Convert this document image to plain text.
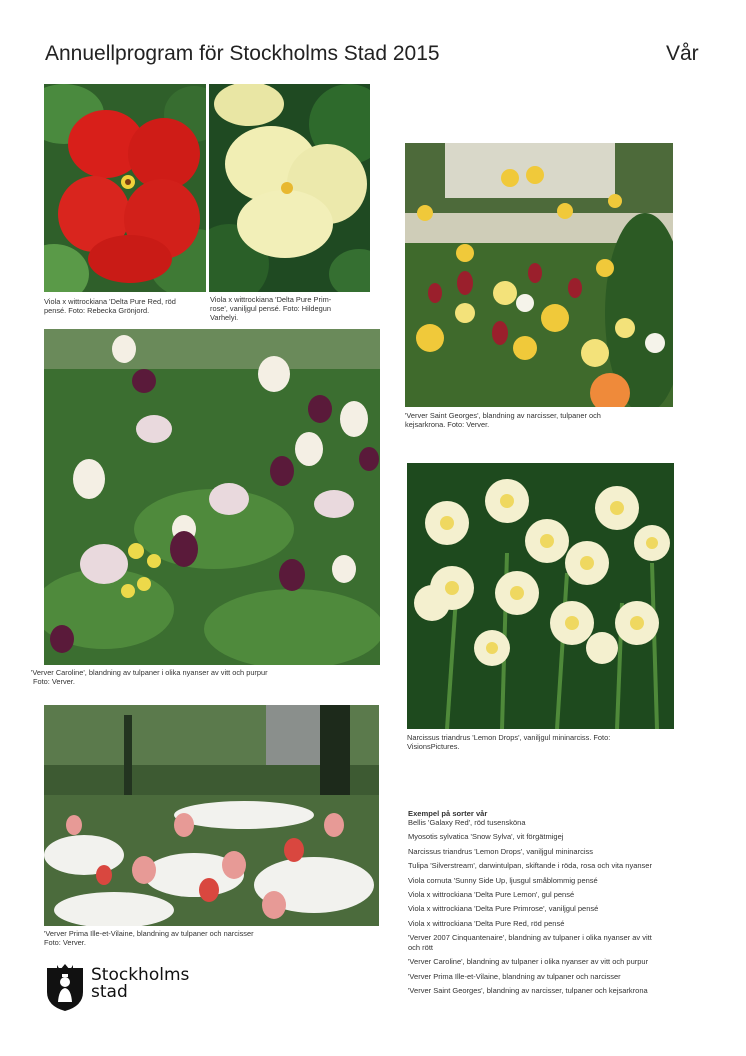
Annuellprogram för Stockholms Stad 2015	Vår
Viola x wittrockiana 'Delta Pure Red, röd
pensé. Foto: Rebecka Grönjord.
Viola x wittrockiana 'Delta Pure Prim-
rose', vaniljgul pensé. Foto: Hildegun
Varhelyi.
'Verver Caroline', blandning av tulpaner i olika nyanser av vitt och purpur
Foto: Verver.
'Verver Prima Ille-et-Vilaine, blandning av tulpaner och narcisser
Foto: Verver.
'Verver Saint Georges', blandning av narcisser, tulpaner och
kejsarkrona. Foto: Verver.
Narcissus triandrus 'Lemon Drops', vaniljgul mininarciss. Foto:
VisionsPictures.
Exempel på sorter vår
Bellis 'Galaxy Red', röd tusensköna
Myosotis sylvatica 'Snow Sylva', vit förgätmigej
Narcissus triandrus 'Lemon Drops', vaniljgul mininarciss
Tulipa 'Silverstream', darwintulpan, skiftande i röda, rosa och vita nyanser
Viola cornuta 'Sunny Side Up, ljusgul småblommig pensé
Viola x wittrockiana 'Delta Pure Lemon', gul pensé
Viola x wittrockiana 'Delta Pure Primrose', vaniljgul pensé
Viola x wittrockiana 'Delta Pure Red, röd pensé
'Verver 2007 Cinquantenaire', blandning av tulpaner i olika nyanser av vitt
och rött
'Verver Caroline', blandning av tulpaner i olika nyanser av vitt och purpur
'Verver Prima Ille-et-Vilaine, blandning av tulpaner och narcisser
'Verver Saint Georges', blandning av narcisser, tulpaner och kejsarkrona
Stockholms
stad
